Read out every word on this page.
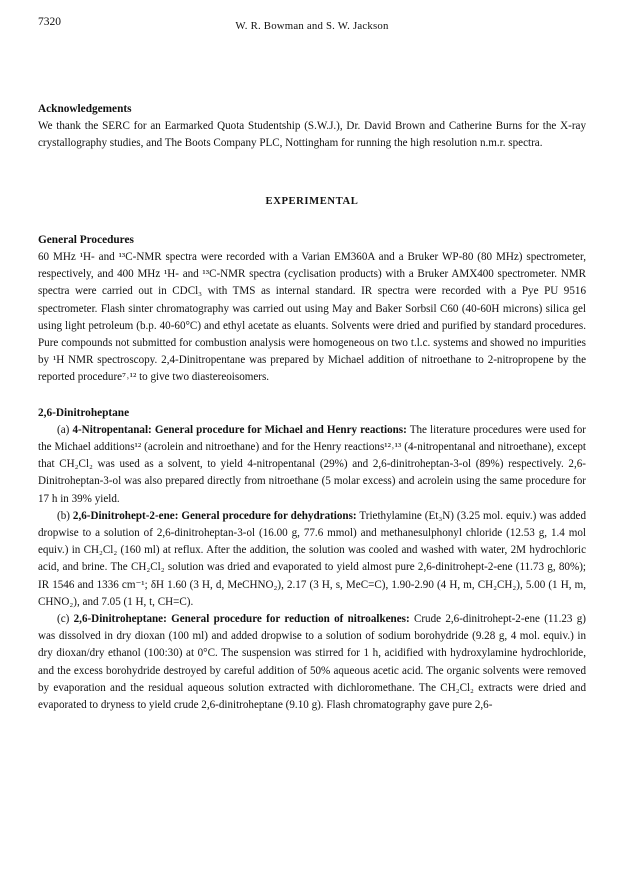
7320	W. R. Bowman and S. W. Jackson
Acknowledgements

We thank the SERC for an Earmarked Quota Studentship (S.W.J.), Dr. David Brown and Catherine Burns for the X-ray crystallography studies, and The Boots Company PLC, Nottingham for running the high resolution n.m.r. spectra.

EXPERIMENTAL
General Procedures

60 MHz ¹H- and ¹³C-NMR spectra were recorded with a Varian EM360A and a Bruker WP-80 (80 MHz) spectrometer, respectively, and 400 MHz ¹H- and ¹³C-NMR spectra (cyclisation products) with a Bruker AMX400 spectrometer. NMR spectra were carried out in CDCl₃ with TMS as internal standard. IR spectra were recorded with a Pye PU 9516 spectrometer. Flash sinter chromatography was carried out using May and Baker Sorbsil C60 (40-60H microns) silica gel using light petroleum (b.p. 40-60°C) and ethyl acetate as eluants. Solvents were dried and purified by standard procedures. Pure compounds not submitted for combustion analysis were homogeneous on two t.l.c. systems and showed no impurities by ¹H NMR spectroscopy. 2,4-Dinitropentane was prepared by Michael addition of nitroethane to 2-nitropropene by the reported procedure⁷˒¹² to give two diastereoisomers.

2,6-Dinitroheptane

(a) 4-Nitropentanal: General procedure for Michael and Henry reactions: The literature procedures were used for the Michael additions¹² (acrolein and nitroethane) and for the Henry reactions¹²˒¹³ (4-nitropentanal and nitroethane), except that CH₂Cl₂ was used as a solvent, to yield 4-nitropentanal (29%) and 2,6-dinitroheptan-3-ol (89%) respectively. 2,6-Dinitroheptan-3-ol was also prepared directly from nitroethane (5 molar excess) and acrolein using the same procedure for 17 h in 39% yield.

(b) 2,6-Dinitrohept-2-ene: General procedure for dehydrations: Triethylamine (Et₃N) (3.25 mol. equiv.) was added dropwise to a solution of 2,6-dinitroheptan-3-ol (16.00 g, 77.6 mmol) and methanesulphonyl chloride (12.53 g, 1.4 mol equiv.) in CH₂Cl₂ (160 ml) at reflux. After the addition, the solution was cooled and washed with water, 2M hydrochloric acid, and brine. The CH₂Cl₂ solution was dried and evaporated to yield almost pure 2,6-dinitrohept-2-ene (11.73 g, 80%); IR 1546 and 1336 cm⁻¹; δH 1.60 (3 H, d, MeCHNO₂), 2.17 (3 H, s, MeC=C), 1.90-2.90 (4 H, m, CH₂CH₂), 5.00 (1 H, m, CHNO₂), and 7.05 (1 H, t, CH=C).

(c) 2,6-Dinitroheptane: General procedure for reduction of nitroalkenes: Crude 2,6-dinitrohept-2-ene (11.23 g) was dissolved in dry dioxan (100 ml) and added dropwise to a solution of sodium borohydride (9.28 g, 4 mol. equiv.) in dry dioxan/dry ethanol (100:30) at 0°C. The suspension was stirred for 1 h, acidified with hydroxylamine hydrochloride, and the excess borohydride destroyed by careful addition of 50% aqueous acetic acid. The organic solvents were removed by evaporation and the residual aqueous solution extracted with dichloromethane. The CH₂Cl₂ extracts were dried and evaporated to dryness to yield crude 2,6-dinitroheptane (9.10 g). Flash chromatography gave pure 2,6-
